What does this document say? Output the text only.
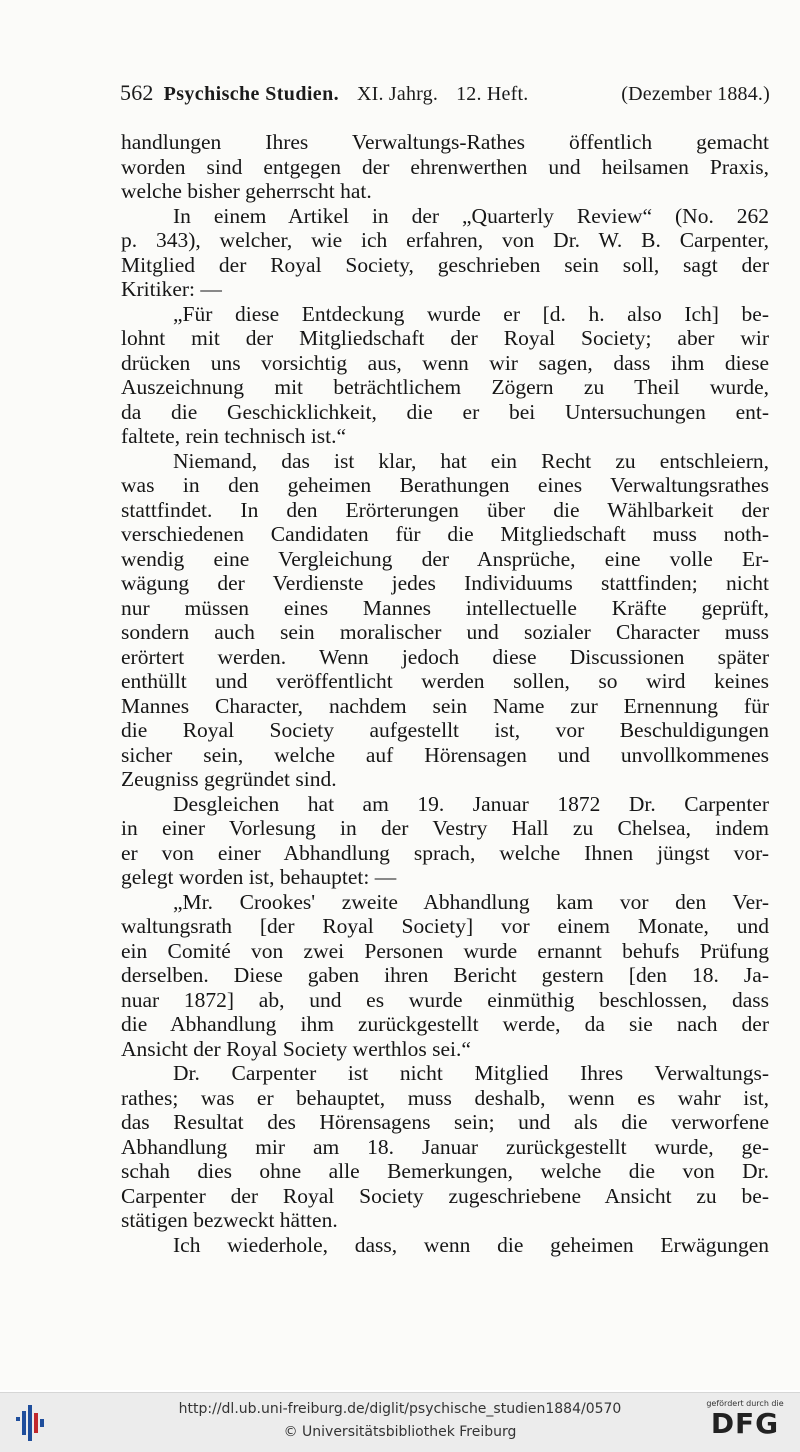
562 Psychische Studien. XI. Jahrg. 12. Heft.	(Dezember 1884.)
handlungen Ihres Verwaltungs-Rathes öffentlich gemacht
worden sind entgegen der ehrenwerthen und heilsamen Praxis,
welche bisher geherrscht hat.
In einem Artikel in der „Quarterly Review“ (No. 262
p. 343), welcher, wie ich erfahren, von Dr. W. B. Carpenter,
Mitglied der Royal Society, geschrieben sein soll, sagt der
Kritiker: —
„Für diese Entdeckung wurde er [d. h. also Ich] be-
lohnt mit der Mitgliedschaft der Royal Society; aber wir
drücken uns vorsichtig aus, wenn wir sagen, dass ihm diese
Auszeichnung mit beträchtlichem Zögern zu Theil wurde,
da die Geschicklichkeit, die er bei Untersuchungen ent-
faltete, rein technisch ist.“
Niemand, das ist klar, hat ein Recht zu entschleiern,
was in den geheimen Berathungen eines Verwaltungsrathes
stattfindet. In den Erörterungen über die Wählbarkeit der
verschiedenen Candidaten für die Mitgliedschaft muss noth-
wendig eine Vergleichung der Ansprüche, eine volle Er-
wägung der Verdienste jedes Individuums stattfinden; nicht
nur müssen eines Mannes intellectuelle Kräfte geprüft,
sondern auch sein moralischer und sozialer Character muss
erörtert werden. Wenn jedoch diese Discussionen später
enthüllt und veröffentlicht werden sollen, so wird keines
Mannes Character, nachdem sein Name zur Ernennung für
die Royal Society aufgestellt ist, vor Beschuldigungen
sicher sein, welche auf Hörensagen und unvollkommenes
Zeugniss gegründet sind.
Desgleichen hat am 19. Januar 1872 Dr. Carpenter
in einer Vorlesung in der Vestry Hall zu Chelsea, indem
er von einer Abhandlung sprach, welche Ihnen jüngst vor-
gelegt worden ist, behauptet: —
„Mr. Crookes' zweite Abhandlung kam vor den Ver-
waltungsrath [der Royal Society] vor einem Monate, und
ein Comité von zwei Personen wurde ernannt behufs Prüfung
derselben. Diese gaben ihren Bericht gestern [den 18. Ja-
nuar 1872] ab, und es wurde einmüthig beschlossen, dass
die Abhandlung ihm zurückgestellt werde, da sie nach der
Ansicht der Royal Society werthlos sei.“
Dr. Carpenter ist nicht Mitglied Ihres Verwaltungs-
rathes; was er behauptet, muss deshalb, wenn es wahr ist,
das Resultat des Hörensagens sein; und als die verworfene
Abhandlung mir am 18. Januar zurückgestellt wurde, ge-
schah dies ohne alle Bemerkungen, welche die von Dr.
Carpenter der Royal Society zugeschriebene Ansicht zu be-
stätigen bezweckt hätten.
Ich wiederhole, dass, wenn die geheimen Erwägungen
http://dl.ub.uni-freiburg.de/diglit/psychische_studien1884/0570
© Universitätsbibliothek Freiburg
gefördert durch die
DFG
